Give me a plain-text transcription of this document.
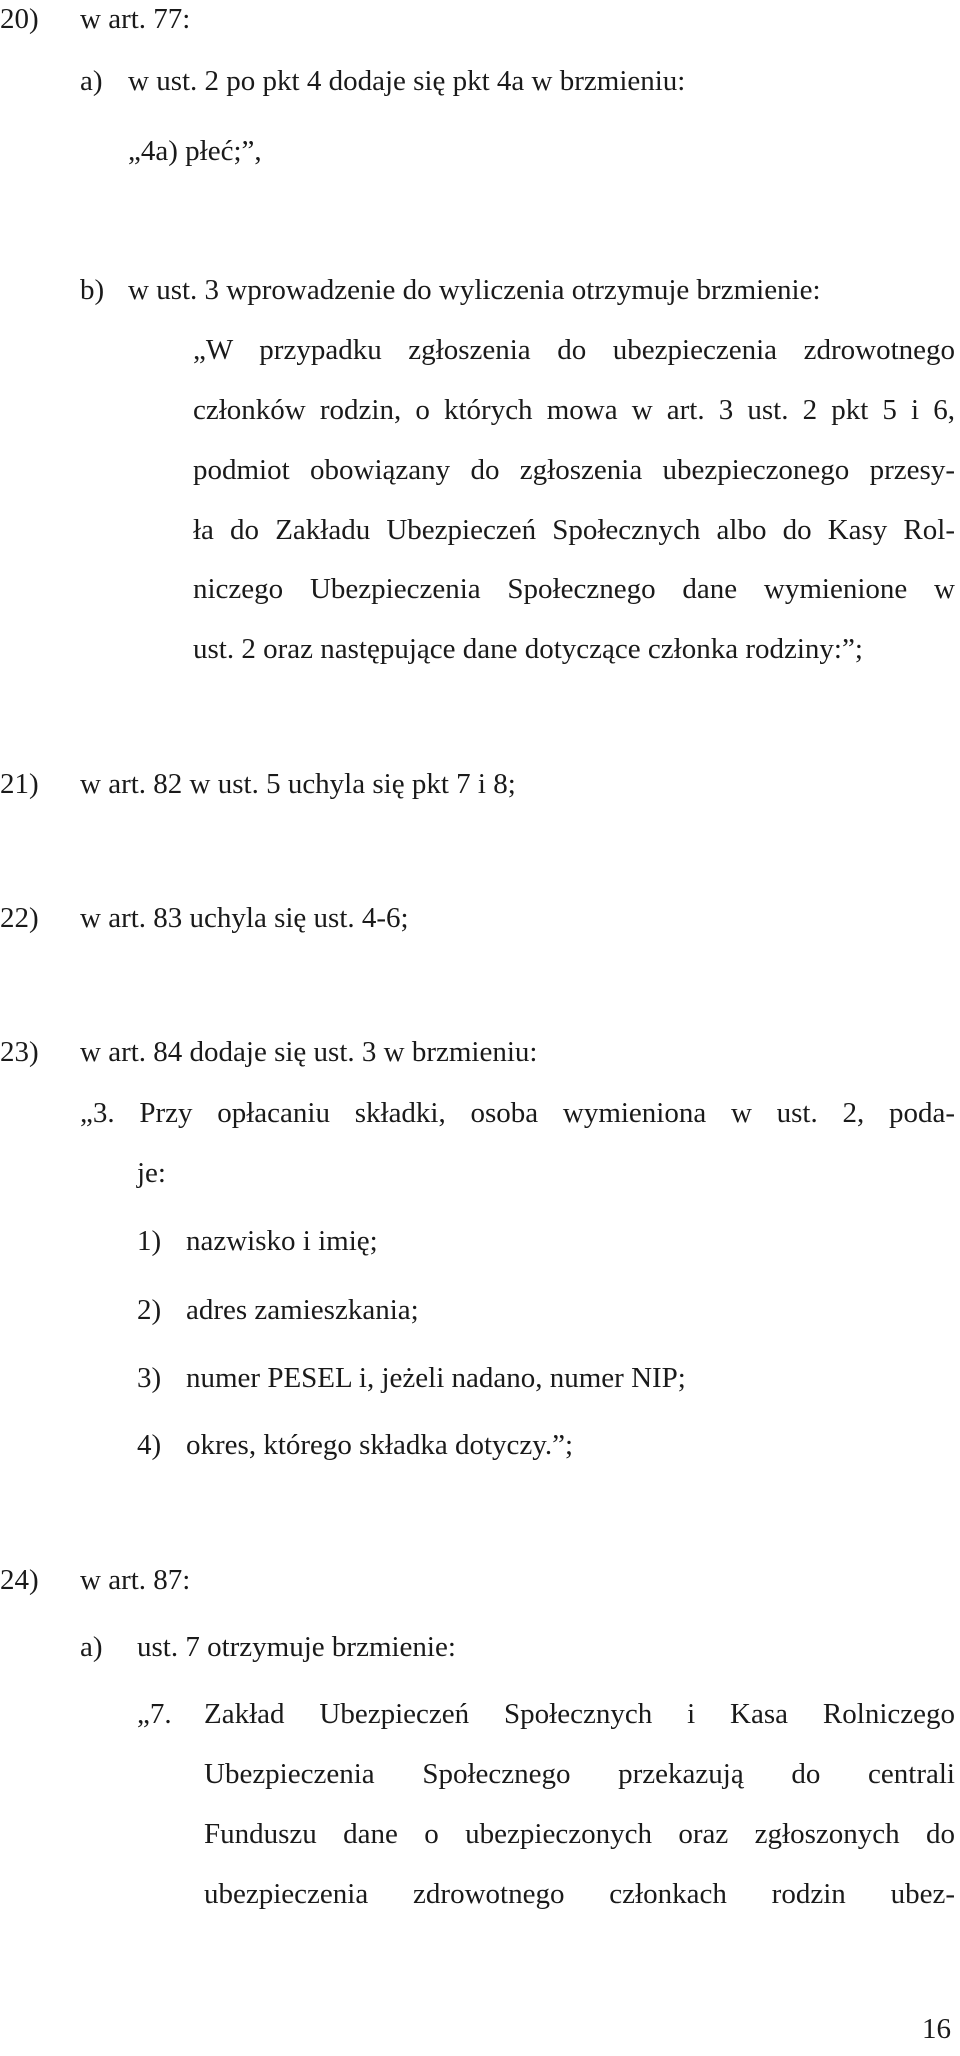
20) w art. 77:
a) w ust. 2 po pkt 4 dodaje się pkt 4a w brzmieniu:
„4a) płeć;”,
b) w ust. 3 wprowadzenie do wyliczenia otrzymuje brzmienie:
„W przypadku zgłoszenia do ubezpieczenia zdrowotnego
członków rodzin, o których mowa w art. 3 ust. 2 pkt 5 i 6,
podmiot obowiązany do zgłoszenia ubezpieczonego przesy-
ła do Zakładu Ubezpieczeń Społecznych albo do Kasy Rol-
niczego Ubezpieczenia Społecznego dane wymienione w
ust. 2 oraz następujące dane dotyczące członka rodziny:”;
21) w art. 82 w ust. 5 uchyla się pkt 7 i 8;
22) w art. 83 uchyla się ust. 4-6;
23) w art. 84 dodaje się ust. 3 w brzmieniu:
„3. Przy opłacaniu składki, osoba wymieniona w ust. 2, poda-
je:
1) nazwisko i imię;
2) adres zamieszkania;
3) numer PESEL i, jeżeli nadano, numer NIP;
4) okres, którego składka dotyczy.”;
24) w art. 87:
a) ust. 7 otrzymuje brzmienie:
„7. Zakład Ubezpieczeń Społecznych i Kasa Rolniczego
Ubezpieczenia Społecznego przekazują do centrali
Funduszu dane o ubezpieczonych oraz zgłoszonych do
ubezpieczenia zdrowotnego członkach rodzin ubez-
16
